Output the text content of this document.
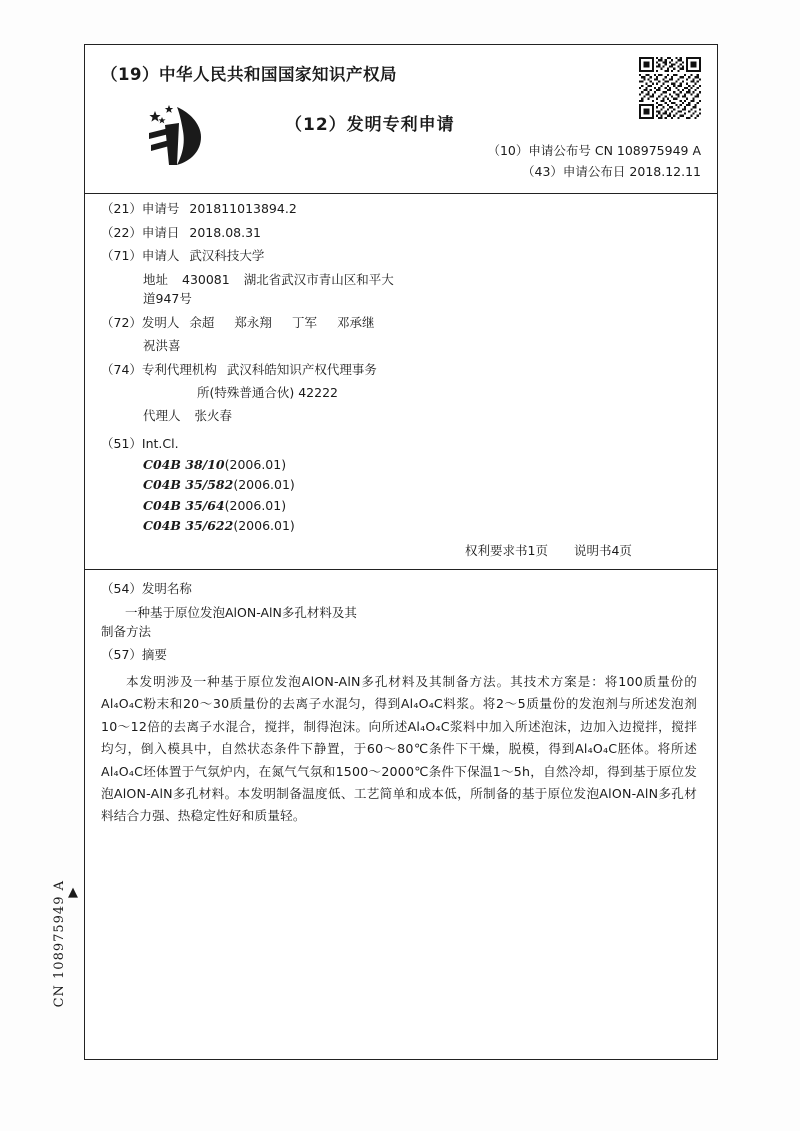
（19）中华人民共和国国家知识产权局
（12）发明专利申请
（10）申请公布号 CN 108975949 A
（43）申请公布日 2018.12.11
（21）申请号 201811013894.2
（22）申请日 2018.08.31
（71）申请人 武汉科技大学
地址 430081 湖北省武汉市青山区和平大
道947号
（72）发明人 余超 郑永翔 丁军 邓承继
祝洪喜
（74）专利代理机构 武汉科皓知识产权代理事务
所(特殊普通合伙) 42222
代理人 张火春
（51）Int.Cl.
C04B 38/10(2006.01)
C04B 35/582(2006.01)
C04B 35/64(2006.01)
C04B 35/622(2006.01)
权利要求书1页 说明书4页
（54）发明名称
一种基于原位发泡AlON-AlN多孔材料及其
制备方法
（57）摘要
本发明涉及一种基于原位发泡AlON-AlN多孔材料及其制备方法。其技术方案是：将100质量份的Al₄O₄C粉末和20～30质量份的去离子水混匀，得到Al₄O₄C料浆。将2～5质量份的发泡剂与所述发泡剂10～12倍的去离子水混合，搅拌，制得泡沫。向所述Al₄O₄C浆料中加入所述泡沫，边加入边搅拌，搅拌均匀，倒入模具中，自然状态条件下静置，于60～80℃条件下干燥，脱模，得到Al₄O₄C胚体。将所述Al₄O₄C坯体置于气氛炉内，在氮气气氛和1500～2000℃条件下保温1～5h，自然冷却，得到基于原位发泡AlON-AlN多孔材料。本发明制备温度低、工艺简单和成本低，所制备的基于原位发泡AlON-AlN多孔材料结合力强、热稳定性好和质量轻。
CN 108975949 A ▲
